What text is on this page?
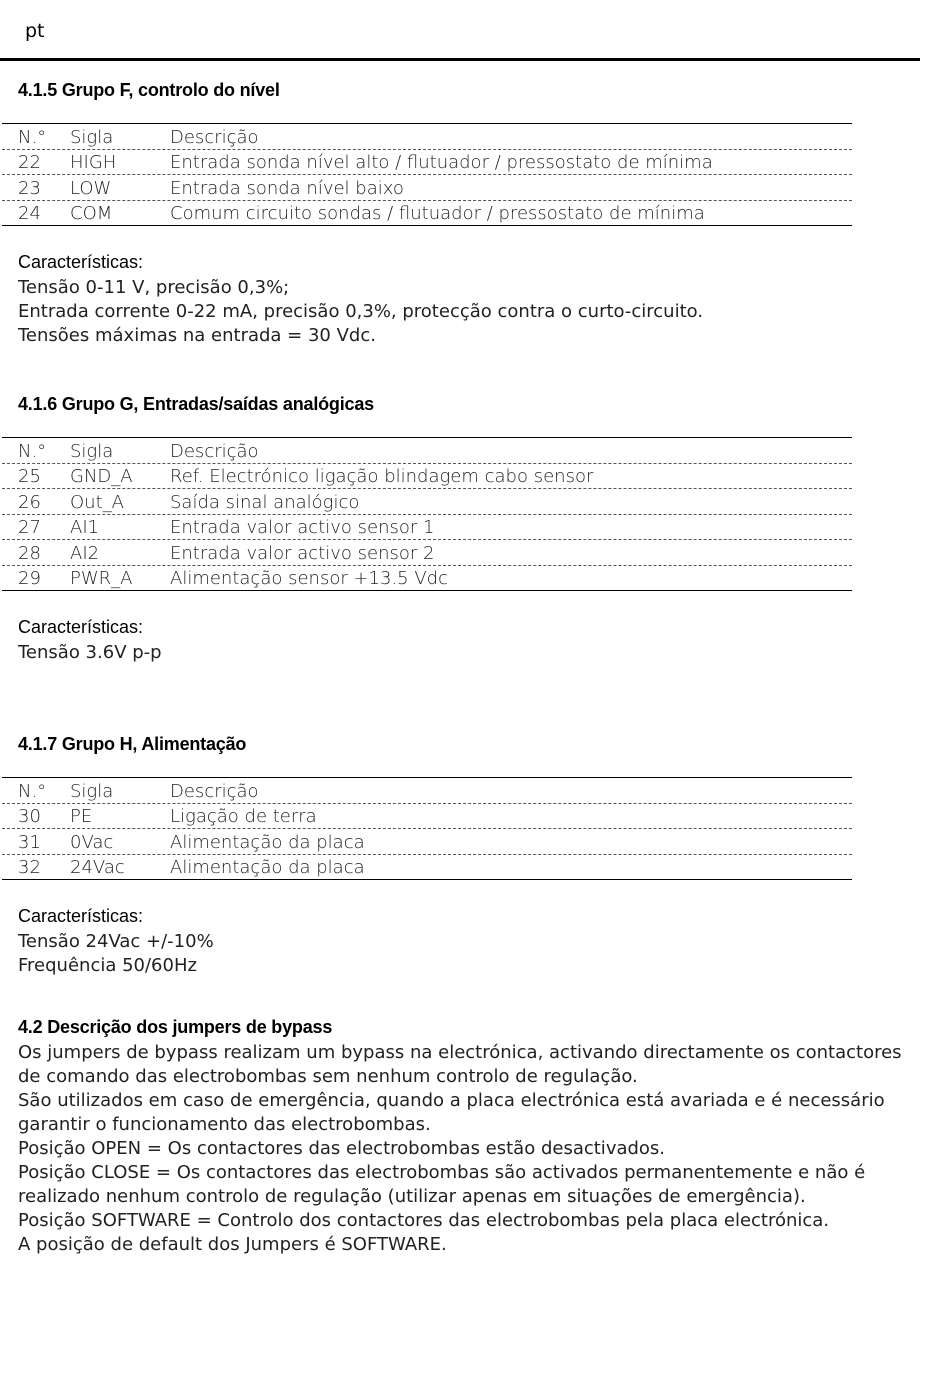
pt
4.1.5 Grupo F, controlo do nível
N.°	Sigla	Descrição
22	HIGH	Entrada sonda nível alto / flutuador / pressostato de mínima
23	LOW	Entrada sonda nível baixo
24	COM	Comum circuito sondas / flutuador / pressostato de mínima
Características:
Tensão 0-11 V, precisão 0,3%;
Entrada corrente 0-22 mA, precisão 0,3%, protecção contra o curto-circuito.
Tensões máximas na entrada = 30 Vdc.
4.1.6 Grupo G, Entradas/saídas analógicas
N.°	Sigla	Descrição
25	GND_A	Ref. Electrónico ligação blindagem cabo sensor
26	Out_A	Saída sinal analógico
27	AI1	Entrada valor activo sensor 1
28	AI2	Entrada valor activo sensor 2
29	PWR_A	Alimentação sensor +13.5 Vdc
Características:
Tensão 3.6V p-p
4.1.7 Grupo H, Alimentação
N.°	Sigla	Descrição
30	PE	Ligação de terra
31	0Vac	Alimentação da placa
32	24Vac	Alimentação da placa
Características:
Tensão 24Vac +/-10%
Frequência 50/60Hz
4.2 Descrição dos jumpers de bypass
Os jumpers de bypass realizam um bypass na electrónica, activando directamente os contactores de comando das electrobombas sem nenhum controlo de regulação.
São utilizados em caso de emergência, quando a placa electrónica está avariada e é necessário garantir o funcionamento das electrobombas.
Posição OPEN = Os contactores das electrobombas estão desactivados.
Posição CLOSE = Os contactores das electrobombas são activados permanentemente e não é realizado nenhum controlo de regulação (utilizar apenas em situações de emergência).
Posição SOFTWARE = Controlo dos contactores das electrobombas pela placa electrónica.
A posição de default dos Jumpers é SOFTWARE.
